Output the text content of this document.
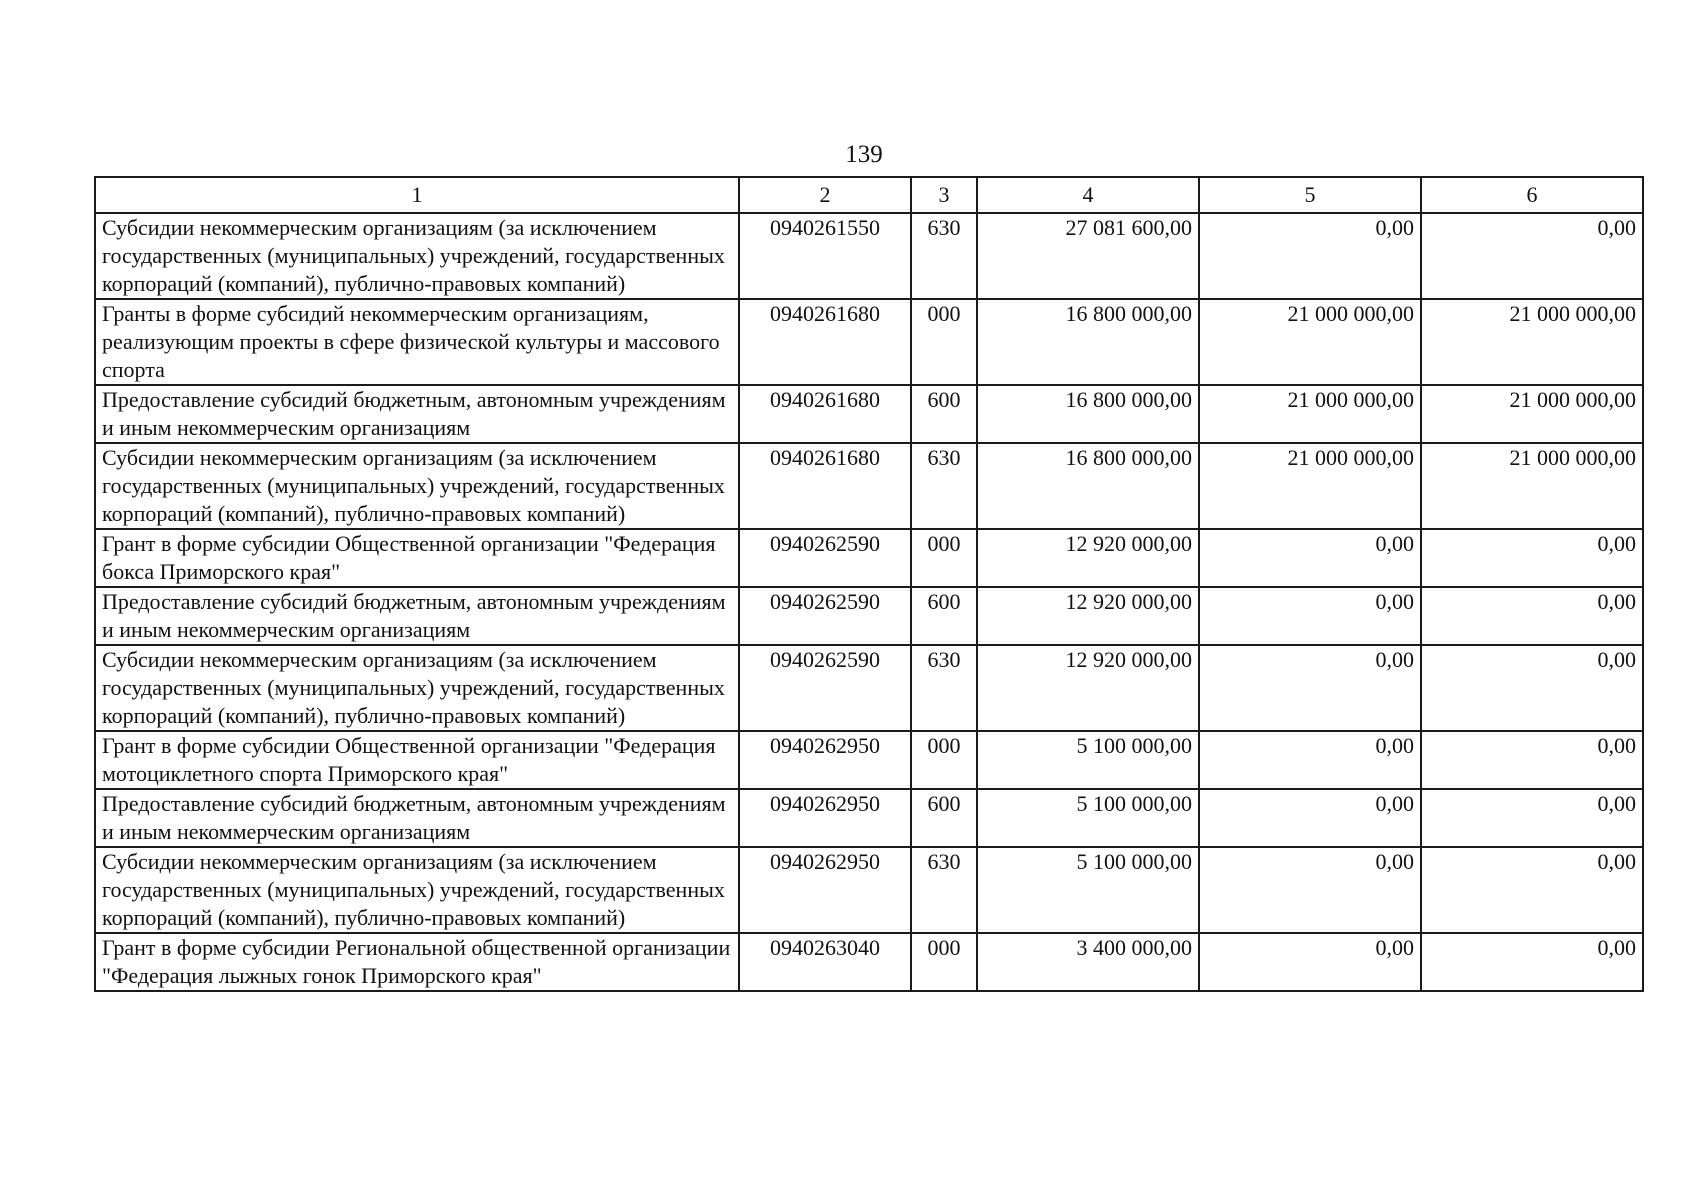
139
1	2	3	4	5	6
Субсидии некоммерческим организациям (за исключением государственных (муниципальных) учреждений, государственных корпораций (компаний), публично-правовых компаний)	0940261550	630	27 081 600,00	0,00	0,00
Гранты в форме субсидий некоммерческим организациям, реализующим проекты в сфере физической культуры и массового спорта	0940261680	000	16 800 000,00	21 000 000,00	21 000 000,00
Предоставление субсидий бюджетным, автономным учреждениям и иным некоммерческим организациям	0940261680	600	16 800 000,00	21 000 000,00	21 000 000,00
Субсидии некоммерческим организациям (за исключением государственных (муниципальных) учреждений, государственных корпораций (компаний), публично-правовых компаний)	0940261680	630	16 800 000,00	21 000 000,00	21 000 000,00
Грант в форме субсидии Общественной организации "Федерация бокса Приморского края"	0940262590	000	12 920 000,00	0,00	0,00
Предоставление субсидий бюджетным, автономным учреждениям и иным некоммерческим организациям	0940262590	600	12 920 000,00	0,00	0,00
Субсидии некоммерческим организациям (за исключением государственных (муниципальных) учреждений, государственных корпораций (компаний), публично-правовых компаний)	0940262590	630	12 920 000,00	0,00	0,00
Грант в форме субсидии Общественной организации "Федерация мотоциклетного спорта Приморского края"	0940262950	000	5 100 000,00	0,00	0,00
Предоставление субсидий бюджетным, автономным учреждениям и иным некоммерческим организациям	0940262950	600	5 100 000,00	0,00	0,00
Субсидии некоммерческим организациям (за исключением государственных (муниципальных) учреждений, государственных корпораций (компаний), публично-правовых компаний)	0940262950	630	5 100 000,00	0,00	0,00
Грант в форме субсидии Региональной общественной организации "Федерация лыжных гонок Приморского края"	0940263040	000	3 400 000,00	0,00	0,00
